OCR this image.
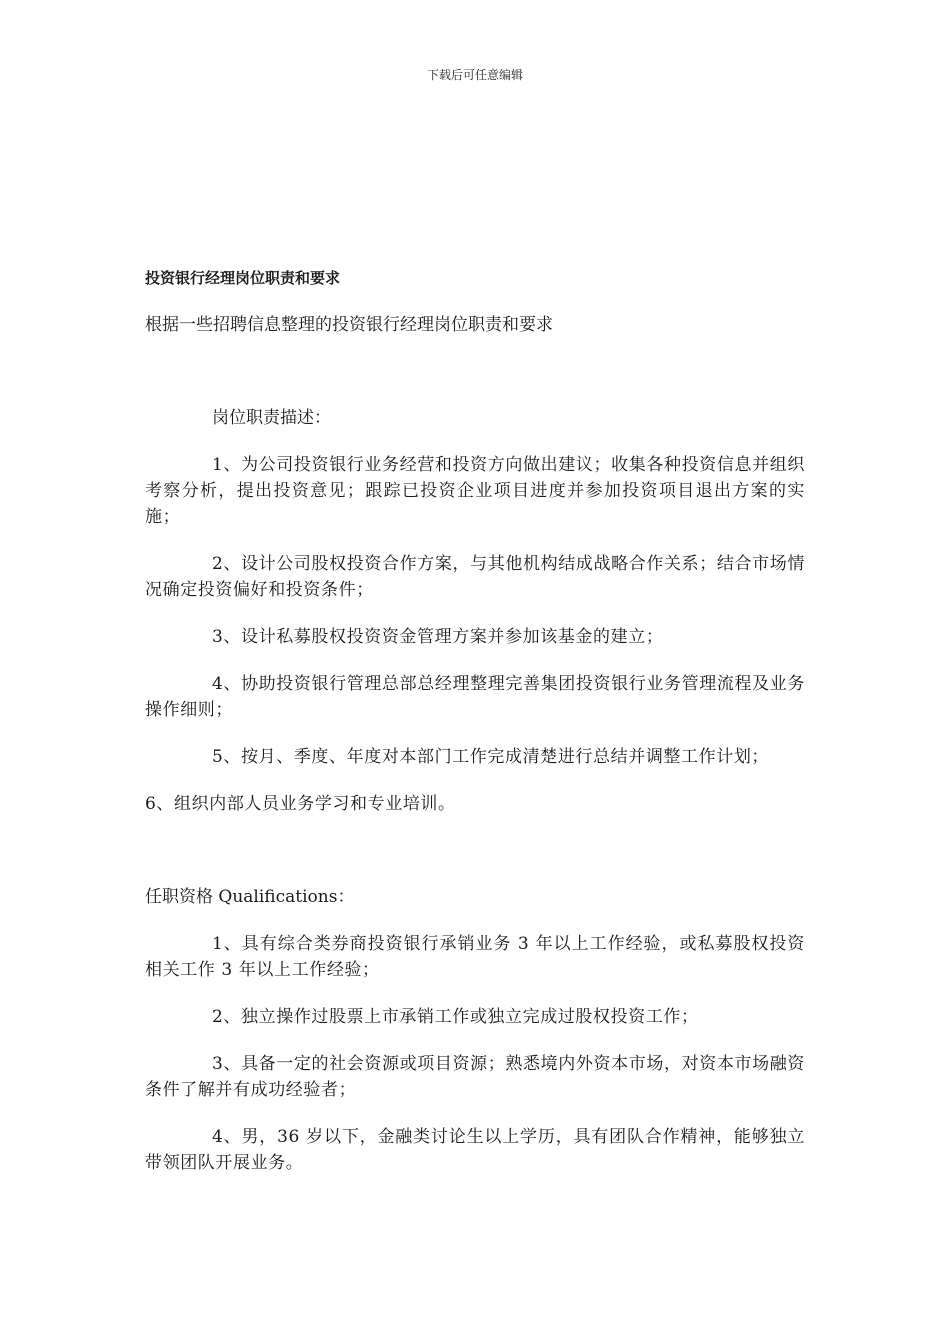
下载后可任意编辑

投资银行经理岗位职责和要求

根据一些招聘信息整理的投资银行经理岗位职责和要求

岗位职责描述：

1、为公司投资银行业务经营和投资方向做出建议；收集各种投资信息并组织考察分析，提出投资意见；跟踪已投资企业项目进度并参加投资项目退出方案的实施；

2、设计公司股权投资合作方案，与其他机构结成战略合作关系；结合市场情况确定投资偏好和投资条件；

3、设计私募股权投资资金管理方案并参加该基金的建立；

4、协助投资银行管理总部总经理整理完善集团投资银行业务管理流程及业务操作细则；

5、按月、季度、年度对本部门工作完成清楚进行总结并调整工作计划；

6、组织内部人员业务学习和专业培训。

任职资格 Qualifications：

1、具有综合类券商投资银行承销业务 3 年以上工作经验，或私募股权投资相关工作 3 年以上工作经验；

2、独立操作过股票上市承销工作或独立完成过股权投资工作；

3、具备一定的社会资源或项目资源；熟悉境内外资本市场，对资本市场融资条件了解并有成功经验者；

4、男，36 岁以下，金融类讨论生以上学历，具有团队合作精神，能够独立带领团队开展业务。
